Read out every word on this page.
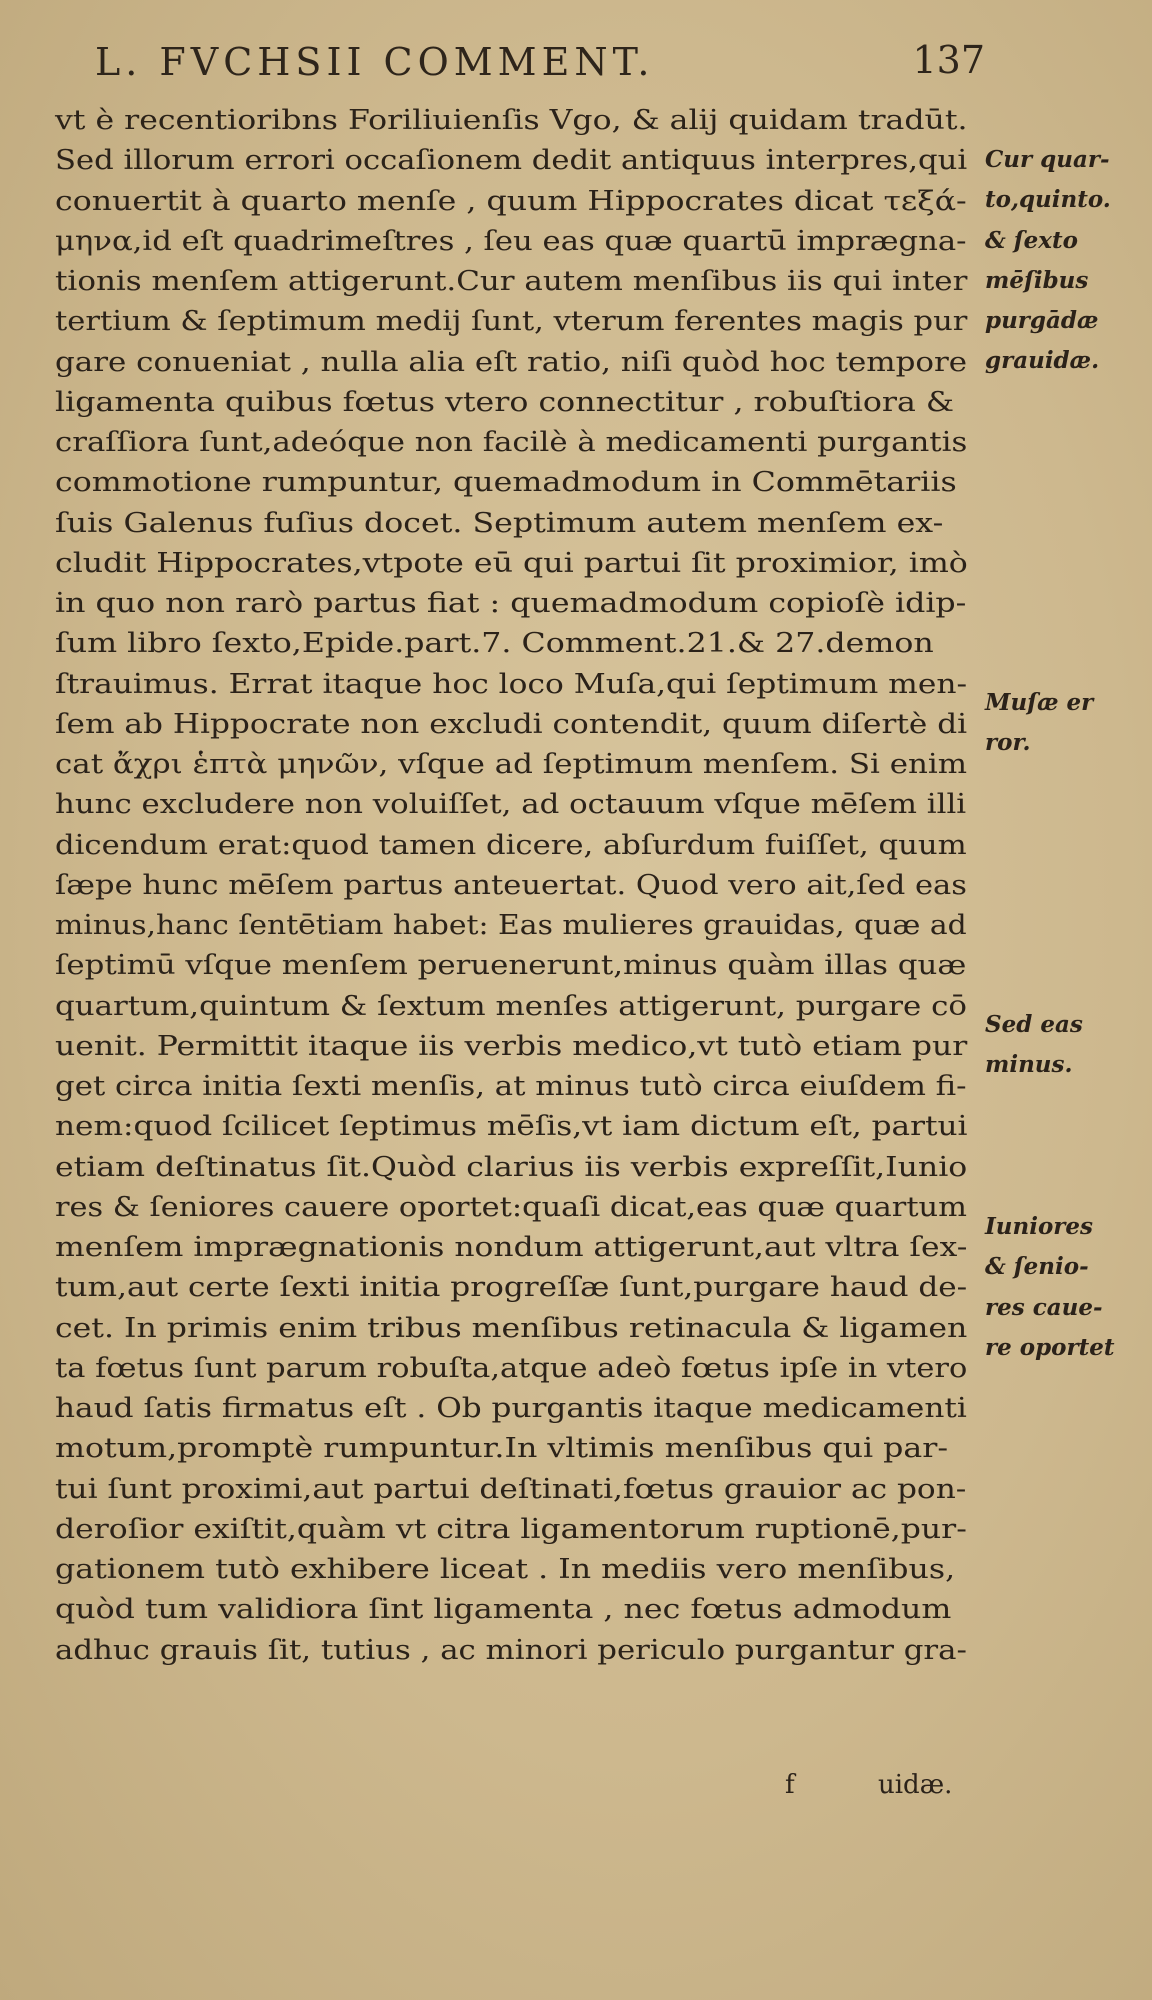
L. FVCHSII COMMENT.	137
vt è recentioribns Foriliuienſis Vgo, & alij quidam tradūt.
Sed illorum errori occaſionem dedit antiquus interpres,qui
conuertit à quarto menſe , quum Hippocrates dicat τεξά-
μηνα,id eſt quadrimeſtres , ſeu eas quæ quartū imprægna-
tionis menſem attigerunt.Cur autem menſibus iis qui inter
tertium & ſeptimum medij ſunt, vterum ferentes magis pur
gare conueniat , nulla alia eſt ratio, niſi quòd hoc tempore
ligamenta quibus fœtus vtero connectitur , robuſtiora &
craſſiora ſunt,adeóque non facilè à medicamenti purgantis
commotione rumpuntur, quemadmodum in Commētariis
ſuis Galenus fuſius docet. Septimum autem menſem ex-
cludit Hippocrates,vtpote eū qui partui ſit proximior, imò
in quo non rarò partus fiat : quemadmodum copioſè idip-
ſum libro ſexto,Epide.part.7. Comment.21.& 27.demon
ſtrauimus. Errat itaque hoc loco Muſa,qui ſeptimum men-
ſem ab Hippocrate non excludi contendit, quum diſertè di
cat ἄχρι ἑπτὰ μηνῶν, vſque ad ſeptimum menſem. Si enim
hunc excludere non voluiſſet, ad octauum vſque mēſem illi
dicendum erat:quod tamen dicere, abſurdum fuiſſet, quum
ſæpe hunc mēſem partus anteuertat. Quod vero ait,ſed eas
minus,hanc ſentētiam habet: Eas mulieres grauidas, quæ ad
ſeptimū vſque menſem peruenerunt,minus quàm illas quæ
quartum,quintum & ſextum menſes attigerunt, purgare cō
uenit. Permittit itaque iis verbis medico,vt tutò etiam pur
get circa initia ſexti menſis, at minus tutò circa eiuſdem fi-
nem:quod ſcilicet ſeptimus mēſis,vt iam dictum eſt, partui
etiam deſtinatus ſit.Quòd clarius iis verbis expreſſit,Iunio
res & ſeniores cauere oportet:quaſi dicat,eas quæ quartum
menſem imprægnationis nondum attigerunt,aut vltra ſex-
tum,aut certe ſexti initia progreſſæ ſunt,purgare haud de-
cet. In primis enim tribus menſibus retinacula & ligamen
ta fœtus ſunt parum robuſta,atque adeò fœtus ipſe in vtero
haud ſatis firmatus eſt . Ob purgantis itaque medicamenti
motum,promptè rumpuntur.In vltimis menſibus qui par-
tui ſunt proximi,aut partui deſtinati,fœtus grauior ac pon-
deroſior exiſtit,quàm vt citra ligamentorum ruptionē,pur-
gationem tutò exhibere liceat . In mediis vero menſibus,
quòd tum validiora ſint ligamenta , nec fœtus admodum
adhuc grauis ſit, tutius , ac minori periculo purgantur gra-
Cur quar-
to,quinto.
& ſexto
mēſibus
purgādæ
grauidæ.
Muſæ er
ror.
Sed eas
minus.
Iuniores
& ſenio-
res caue-
re oportet
f	uidæ.
